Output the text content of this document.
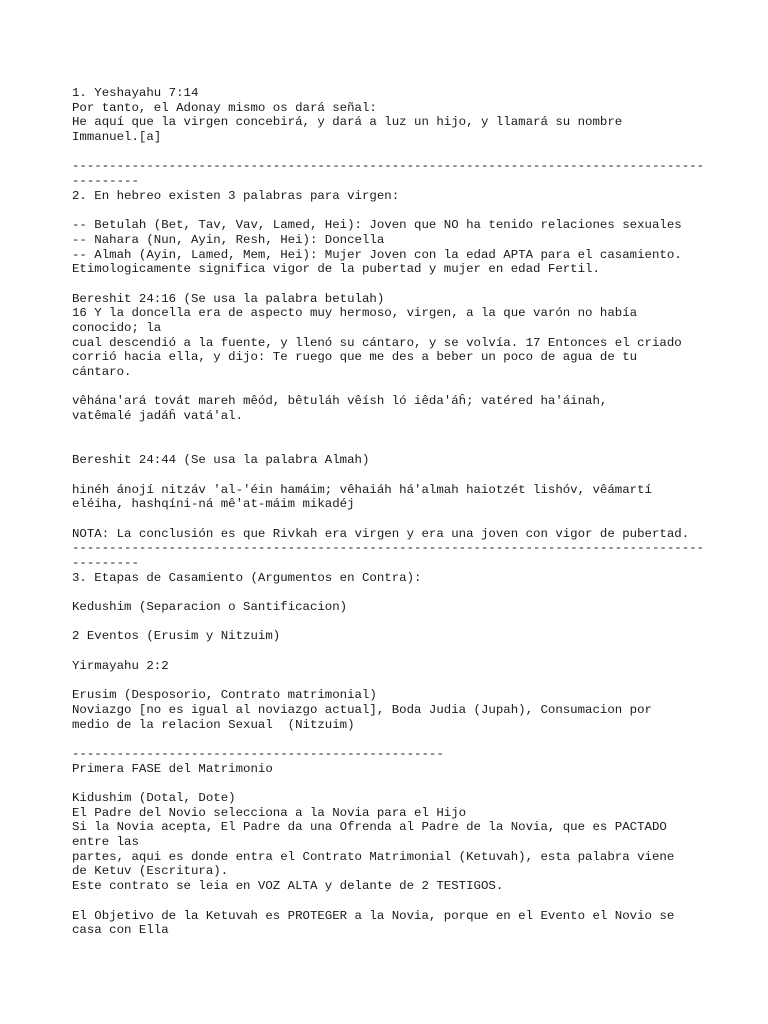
1. Yeshayahu 7:14
Por tanto, el Adonay mismo os dará señal:
He aquí que la virgen concebirá, y dará a luz un hijo, y llamará su nombre
Immanuel.[a]
-------------------------------------------------------------------------------------
---------
2. En hebreo existen 3 palabras para virgen:
-- Betulah (Bet, Tav, Vav, Lamed, Hei): Joven que NO ha tenido relaciones sexuales
-- Nahara (Nun, Ayin, Resh, Hei): Doncella
-- Almah (Ayin, Lamed, Mem, Hei): Mujer Joven con la edad APTA para el casamiento.
Etimologicamente significa vigor de la pubertad y mujer en edad Fertil.
Bereshit 24:16 (Se usa la palabra betulah)
16 Y la doncella era de aspecto muy hermoso, virgen, a la que varón no había
conocido; la
cual descendió a la fuente, y llenó su cántaro, y se volvía. 17 Entonces el criado
corrió hacia ella, y dijo: Te ruego que me des a beber un poco de agua de tu
cántaro.
vêhána'ará továt mareh mêód, bêtuláh vêísh ló iêda'áĥ; vatéred ha'áinah,
vatêmalé jadáĥ vatá'al.
Bereshit 24:44 (Se usa la palabra Almah)
hinéh ánojí nitzáv 'al-'éin hamáim; vêhaiáh há'almah haiotzét lishóv, vêámartí
eléiha, hashqíni-ná mê'at-máim mikadéj
NOTA: La conclusión es que Rivkah era virgen y era una joven con vigor de pubertad.
-------------------------------------------------------------------------------------
---------
3. Etapas de Casamiento (Argumentos en Contra):
Kedushim (Separacion o Santificacion)
2 Eventos (Erusim y Nitzuim)
Yirmayahu 2:2
Erusim (Desposorio, Contrato matrimonial)
Noviazgo [no es igual al noviazgo actual], Boda Judia (Jupah), Consumacion por
medio de la relacion Sexual  (Nitzuim)
--------------------------------------------------
Primera FASE del Matrimonio
Kidushim (Dotal, Dote)
El Padre del Novio selecciona a la Novia para el Hijo
Si la Novia acepta, El Padre da una Ofrenda al Padre de la Novia, que es PACTADO
entre las
partes, aqui es donde entra el Contrato Matrimonial (Ketuvah), esta palabra viene
de Ketuv (Escritura).
Este contrato se leia en VOZ ALTA y delante de 2 TESTIGOS.
El Objetivo de la Ketuvah es PROTEGER a la Novia, porque en el Evento el Novio se
casa con Ella
